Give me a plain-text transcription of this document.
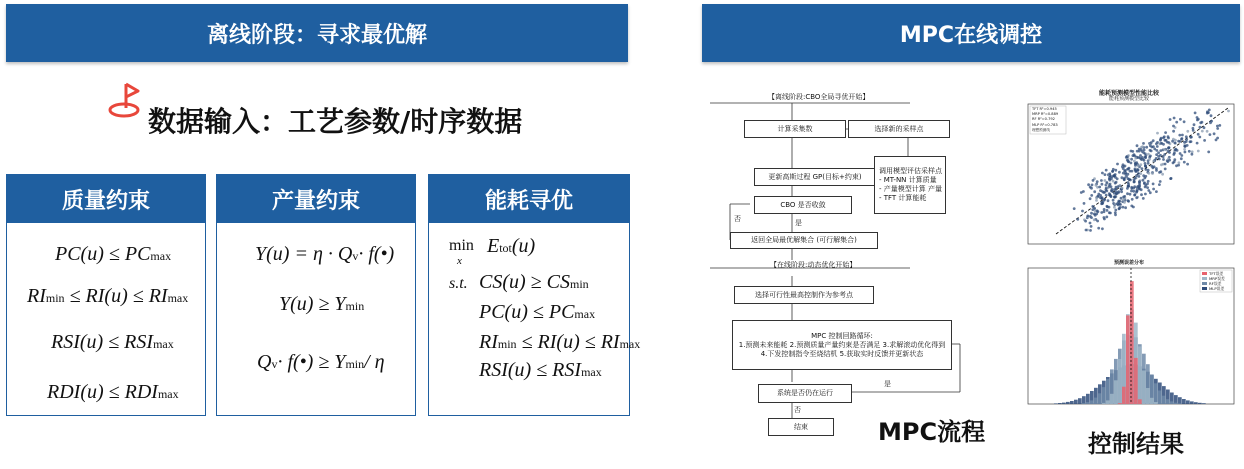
离线阶段：寻求最优解	MPC在线调控
数据输入：工艺参数/时序数据
质量约束
PC(u) ≤ PCmax
RImin ≤ RI(u) ≤ RImax
RSI(u) ≤ RSImax
RDI(u) ≤ RDImax
产量约束
Y(u) = η · Qv· f(•)
Y(u) ≥ Ymin
Qv· f(•) ≥ Ymin/ η
能耗寻优
min
x
Etot(u)
s.t. CS(u) ≥ CSmin
PC(u) ≤ PCmax
RImin ≤ RI(u) ≤ RImax
RSI(u) ≤ RSImax
【离线阶段:CBO全局寻优开始】
计算采集数	选择新的采样点
更新高斯过程 GP(目标+约束)
调用模型评估采样点
- MT-NN 计算质量
- 产量模型计算 产量
- TFT 计算能耗
CBO 是否收敛
否	是
返回全局最优解集合 (可行解集合)
【在线阶段:动态优化开始】
选择可行性最高控制作为参考点
MPC 控制回路循环:
1.预测未来能耗 2.预测质量产量约束是否满足 3.求解滚动优化得到
4.下发控制指令至烧结机 5.获取实时反馈并更新状态
系统是否仍在运行
是
否
结束	MPC流程	控制结果
能耗预测模型性能比较
能耗预测模型比较
TFT R²=0.945
MRP R²=0.889
RF R²=0.792
MLP R²=0.783
理想预测线
预测误差分布
TFT误差
MRP误差
RF误差
MLP误差
